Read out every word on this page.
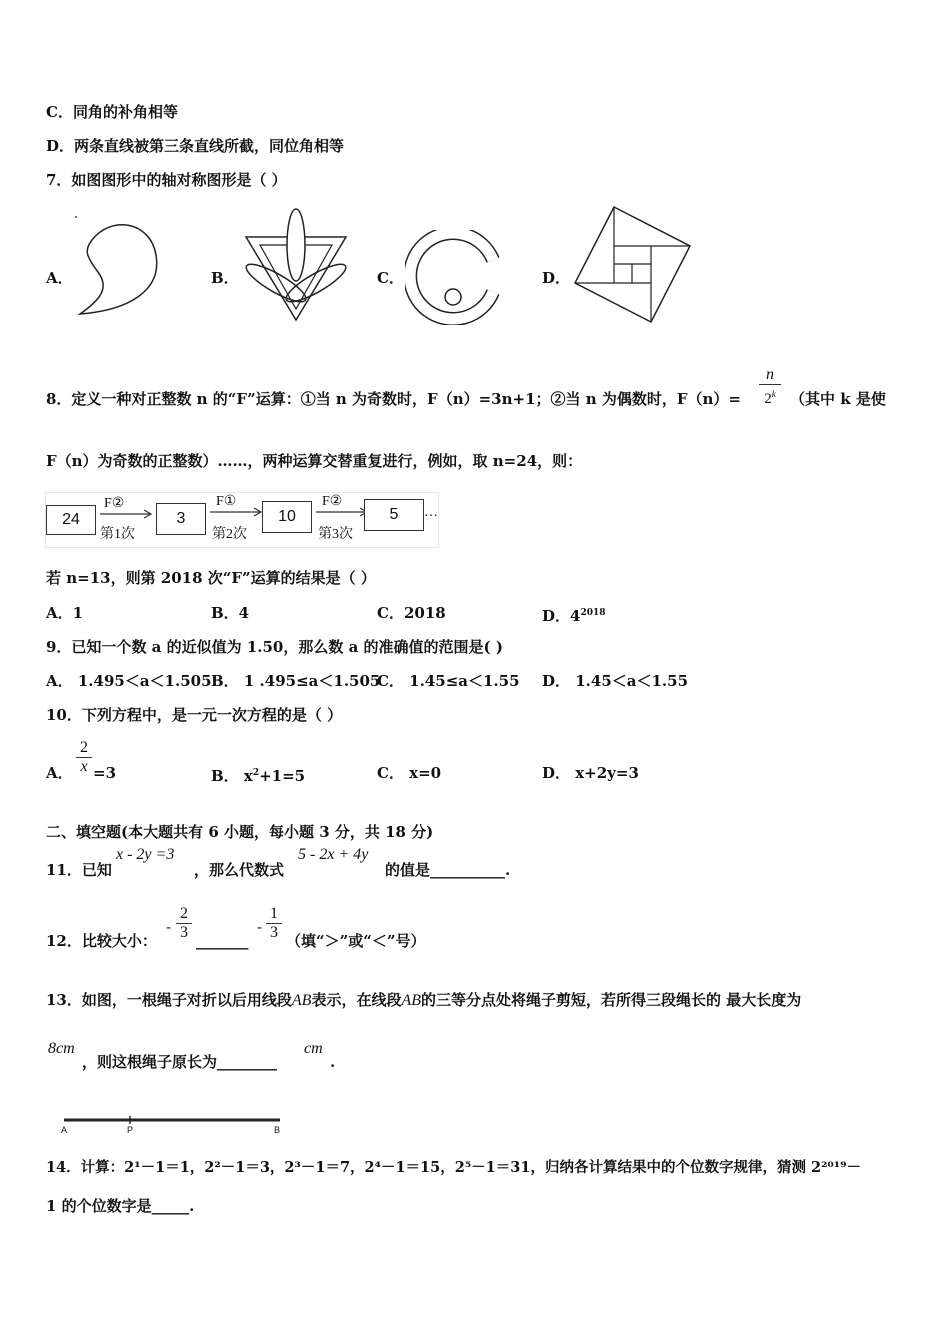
C．同角的补角相等
D．两条直线被第三条直线所截，同位角相等
7．如图图形中的轴对称图形是（ ）
A．	B．	C．	D．
8．定义一种对正整数 n 的“F”运算：①当 n 为奇数时，F（n）=3n+1；②当 n 为偶数时，F（n）=
n
2$^k$ （其中 k 是使
F（n）为奇数的正整数）……，两种运算交替重复进行，例如，取 n=24，则：
24
F②
第1次
3
F①
第2次
10
F②
第3次
5	…
若 n=13，则第 2018 次“F”运算的结果是（ ）
A．1	B．4	C．2018	D．$4^{2018}$
9．已知一个数 a 的近似值为 1.50，那么数 a 的准确值的范围是( )
A． 1.495＜a＜1.505 B． 1 .495≤a＜1.505
C． 1.45≤a＜1.55 D． 1.45＜a＜1.55
10．下列方程中，是一元一次方程的是（ ）
A．
2
x =3	B． $x^2+1=5$	C． x=0	D． x+2y=3
二、填空题(本大题共有 6 小题，每小题 3 分，共 18 分)
11．已知
x - 2y =3
，那么代数式
5 - 2x + 4y
的值是__________.
12．比较大小：
-
2
3 _______
-
1
3 （填“＞”或“＜”号）
13．如图，一根绳子对折以后用线段AB表示，在线段AB的三等分点处将绳子剪短，若所得三段绳长的 最大长度为
8cm
，则这根绳子原长为________
cm
.
A	P	B
14．计算：2¹－1＝1，2²－1＝3，2³－1＝7，2⁴－1＝15，2⁵－1＝31，归纳各计算结果中的个位数字规律，猜测 2²⁰¹⁹－
1 的个位数字是_____.
